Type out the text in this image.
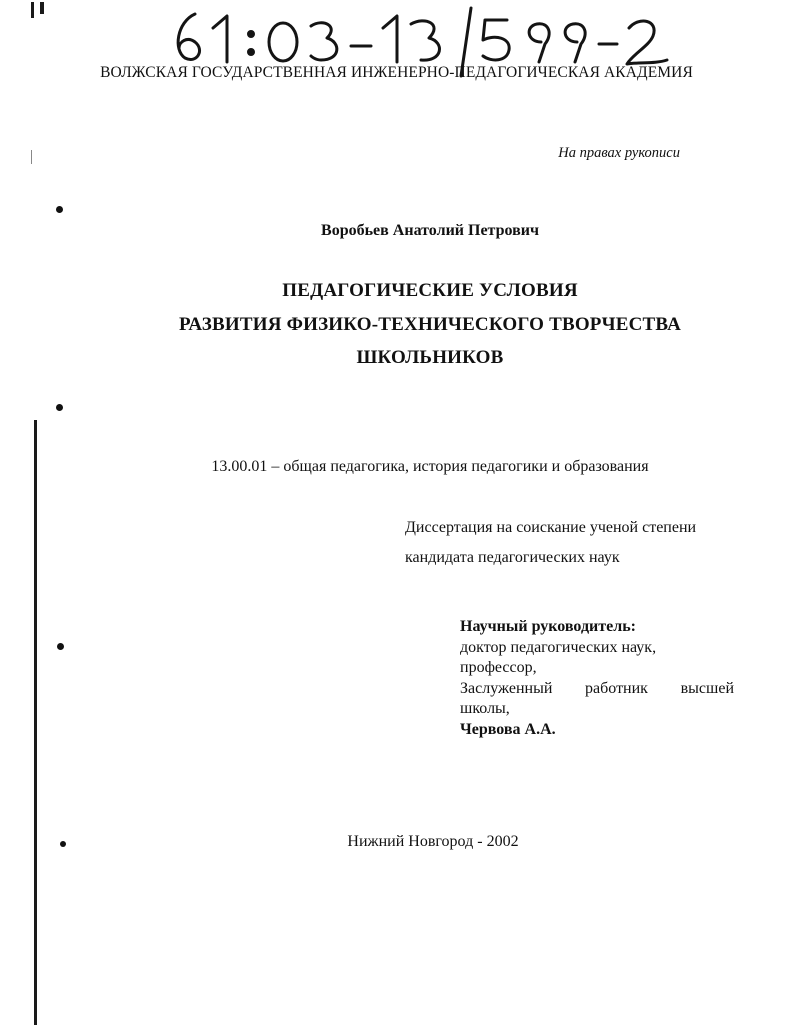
ВОЛЖСКАЯ ГОСУДАРСТВЕННАЯ ИНЖЕНЕРНО-ПЕДАГОГИЧЕСКАЯ АКАДЕМИЯ
На правах рукописи
Воробьев Анатолий Петрович
ПЕДАГОГИЧЕСКИЕ УСЛОВИЯ
РАЗВИТИЯ ФИЗИКО-ТЕХНИЧЕСКОГО ТВОРЧЕСТВА
ШКОЛЬНИКОВ
13.00.01 – общая педагогика, история педагогики и образования
Диссертация на соискание ученой степени
кандидата педагогических наук
Научный руководитель:
доктор педагогических наук,
профессор,
Заслуженный работник высшей
школы,
Червова А.А.
Нижний Новгород - 2002
